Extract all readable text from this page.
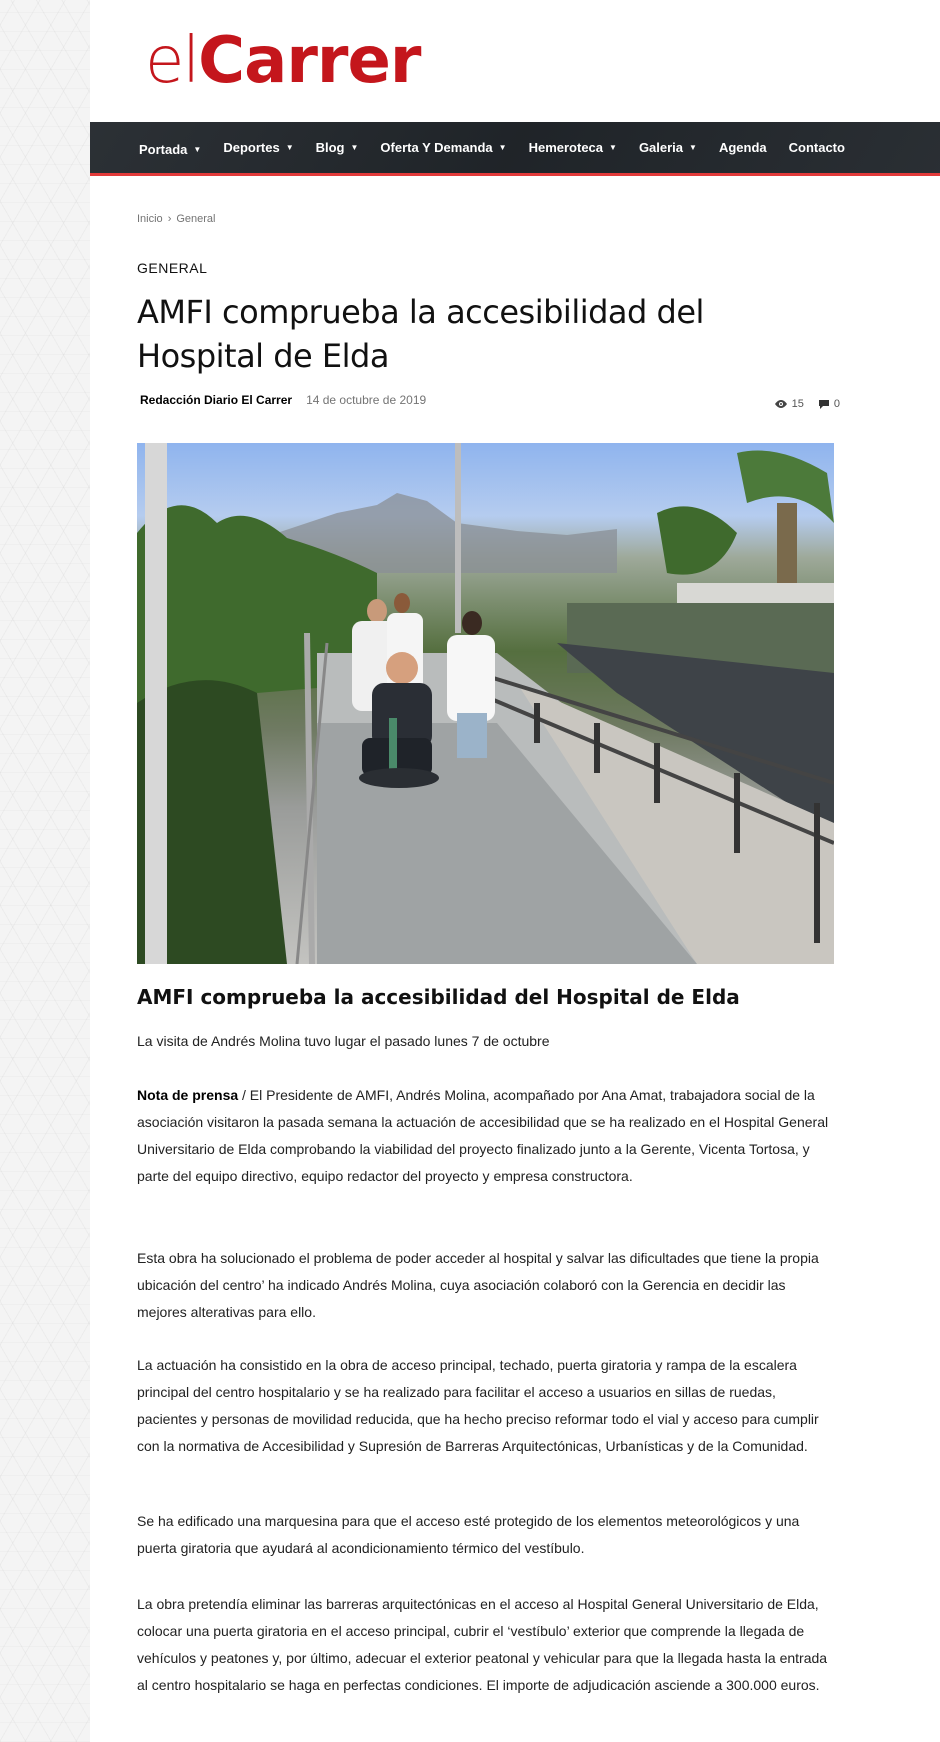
el Carrer
Portada ▼ Deportes ▼ Blog ▼ Oferta Y Demanda ▼ Hemeroteca ▼ Galeria ▼ Agenda Contacto
Inicio › General
GENERAL
AMFI comprueba la accesibilidad del Hospital de Elda
Redacción Diario El Carrer 14 de octubre de 2019	15	0
AMFI comprueba la accesibilidad del Hospital de Elda

La visita de Andrés Molina tuvo lugar el pasado lunes 7 de octubre

Nota de prensa / El Presidente de AMFI, Andrés Molina, acompañado por Ana Amat, trabajadora social de la asociación visitaron la pasada semana la actuación de accesibilidad que se ha realizado en el Hospital General Universitario de Elda comprobando la viabilidad del proyecto finalizado junto a la Gerente, Vicenta Tortosa, y parte del equipo directivo, equipo redactor del proyecto y empresa constructora.

Esta obra ha solucionado el problema de poder acceder al hospital y salvar las dificultades que tiene la propia ubicación del centro’ ha indicado Andrés Molina, cuya asociación colaboró con la Gerencia en decidir las mejores alterativas para ello.

La actuación ha consistido en la obra de acceso principal, techado, puerta giratoria y rampa de la escalera principal del centro hospitalario y se ha realizado para facilitar el acceso a usuarios en sillas de ruedas, pacientes y personas de movilidad reducida, que ha hecho preciso reformar todo el vial y acceso para cumplir con la normativa de Accesibilidad y Supresión de Barreras Arquitectónicas, Urbanísticas y de la Comunidad.

Se ha edificado una marquesina para que el acceso esté protegido de los elementos meteorológicos y una puerta giratoria que ayudará al acondicionamiento térmico del vestíbulo.

La obra pretendía eliminar las barreras arquitectónicas en el acceso al Hospital General Universitario de Elda, colocar una puerta giratoria en el acceso principal, cubrir el ‘vestíbulo’ exterior que comprende la llegada de vehículos y peatones y, por último, adecuar el exterior peatonal y vehicular para que la llegada hasta la entrada al centro hospitalario se haga en perfectas condiciones. El importe de adjudicación asciende a 300.000 euros.
